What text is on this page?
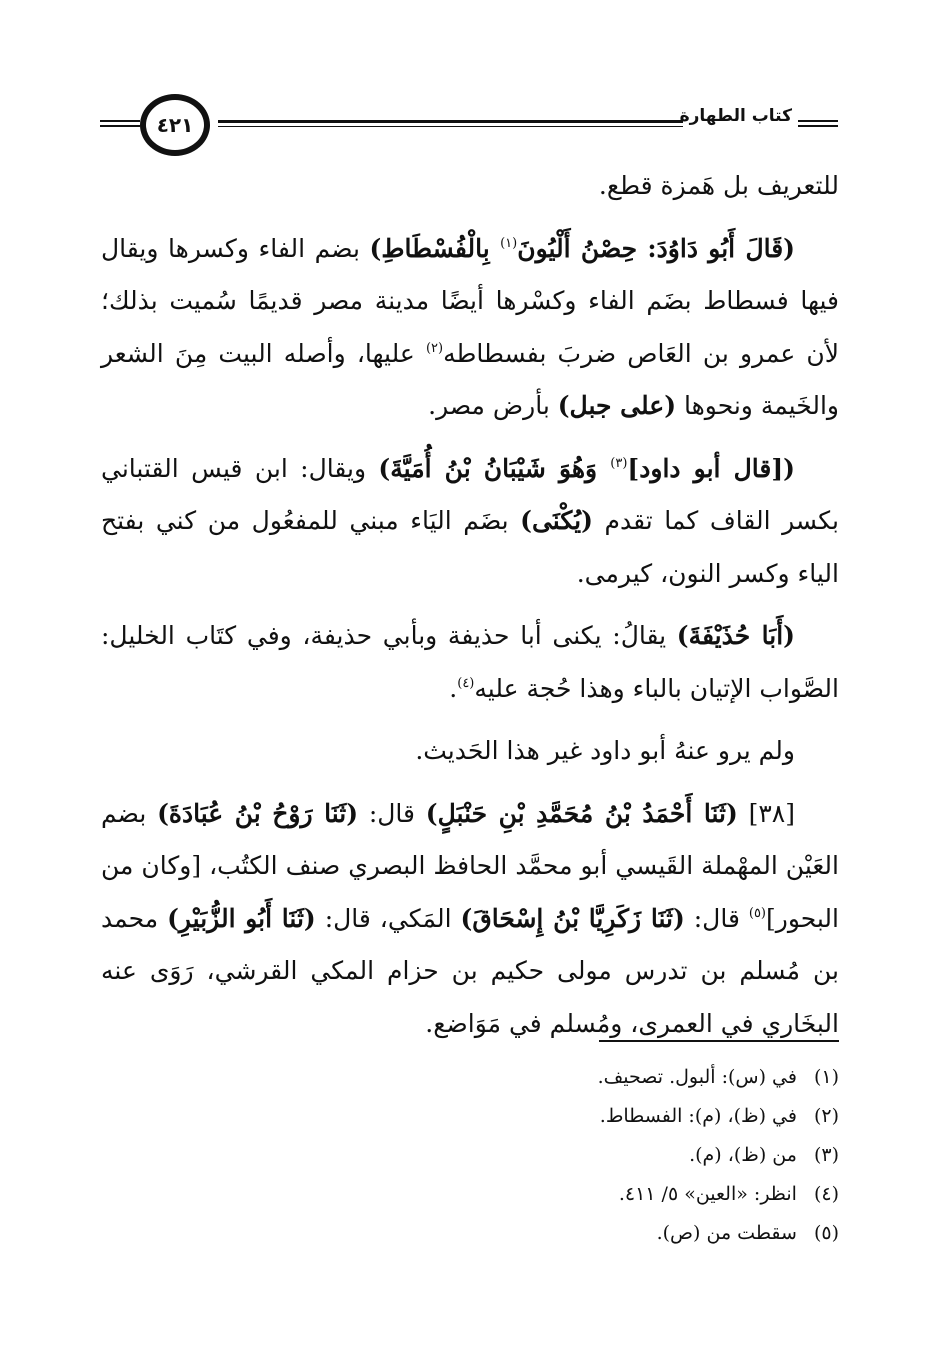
كتاب الطهارة
٤٢١

للتعريف بل هَمزة قطع.

(قَالَ أَبُو دَاوُدَ: حِصْنُ أَلْيُونَ$^{(١)}$ بِالْفُسْطَاطِ) بضم الفاء وكسرها ويقال فيها فسطاط بضَم الفاء وكسْرها أيضًا مدينة مصر قديمًا سُميت بذلك؛ لأن عمرو بن العَاص ضربَ بفسطاطه$^{(٢)}$ عليها، وأصله البيت مِنَ الشعر والخَيمة ونحوها (على جبل) بأرض مصر.

([قال أبو داود]$^{(٣)}$ وَهُوَ شَيْبَانُ بْنُ أُمَيَّةَ) ويقال: ابن قيس القتباني بكسر القاف كما تقدم (يُكْنَى) بضَم اليَاء مبني للمفعُول من كني بفتح الياء وكسر النون، كيرمى.

(أَبَا حُذَيْفَةَ) يقالُ: يكنى أبا حذيفة وبأبي حذيفة، وفي كتَاب الخليل: الصَّواب الإتيان بالباء وهذا حُجة عليه$^{(٤)}$.

ولم يرو عنهُ أبو داود غير هذا الحَديث.

[٣٨] (ثَنَا أَحْمَدُ بْنُ مُحَمَّدِ بْنِ حَنْبَلٍ) قال: (ثَنَا رَوْحُ بْنُ عُبَادَةَ) بضم العَيْن المهْملة القَيسي أبو محمَّد الحافظ البصري صنف الكتُب، [وكان من البحور]$^{(٥)}$ قال: (ثَنَا زَكَرِيَّا بْنُ إِسْحَاقَ) المَكي، قال: (ثَنَا أَبُو الزُّبَيْرِ) محمد بن مُسلم بن تدرس مولى حكيم بن حزام المكي القرشي، رَوَى عنه البخَاري في العمرى، ومُسلم في مَوَاضع.

(١) في (س): ألبول. تصحيف.
(٢) في (ظ)، (م): الفسطاط.
(٣) من (ظ)، (م).
(٤) انظر: «العين» ٥/ ٤١١.
(٥) سقطت من (ص).
